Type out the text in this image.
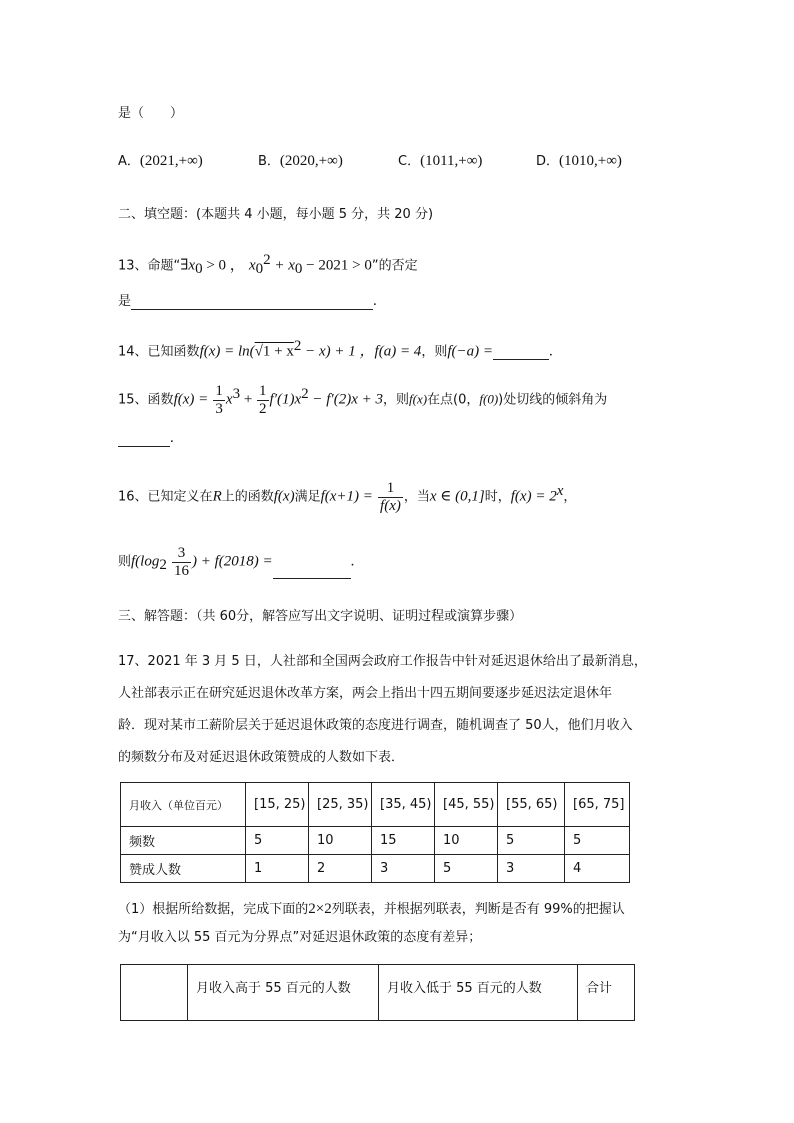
是（　　）
A．(2021,+∞)	B．(2020,+∞)	C．(1011,+∞)	D．(1010,+∞)
二、填空题：(本题共 4 小题，每小题 5 分，共 20 分)
13、命题“$\exists x_0 > 0$ ， $x_0^2 + x_0 - 2021 > 0$”的否定
是	.
14、已知函数$f(x) = \ln(√1 + x^2 - x) + 1$ ，f(a) = 4，则f(−a) =	.
15、函数$f(x) = \frac{1}{3} x^3 + \frac{1}{2} f'(1)x^2 - f'(2)x + 3$，则f(x)在点(0，f(0))处切线的倾斜角为
.
16、已知定义在R上的函数f(x)满足$f(x+1) = \frac{1}{f(x)}$ ，当x ∈ (0,1]时，$f(x) = 2^x$，
则$f(\log_2 \frac{3}{16}$ ) + f(2018) =	.
三、解答题：（共 60分，解答应写出文字说明、证明过程或演算步骤）
17、2021 年 3 月 5 日，人社部和全国两会政府工作报告中针对延迟退休给出了最新消息，
人社部表示正在研究延迟退休改革方案，两会上指出十四五期间要逐步延迟法定退休年
龄．现对某市工薪阶层关于延迟退休政策的态度进行调查，随机调查了 50人，他们月收入
的频数分布及对延迟退休政策赞成的人数如下表．
月收入（单位百元）	[15, 25)	[25, 35)	[35, 45)	[45, 55)	[55, 65)	[65, 75]
频数	5	10	15	10	5	5
赞成人数	1	2	3	5	3	4
（1）根据所给数据，完成下面的2×2列联表，并根据列联表，判断是否有 99%的把握认
为“月收入以 55 百元为分界点”对延迟退休政策的态度有差异；
	月收入高于 55 百元的人数	月收入低于 55 百元的人数	合计
